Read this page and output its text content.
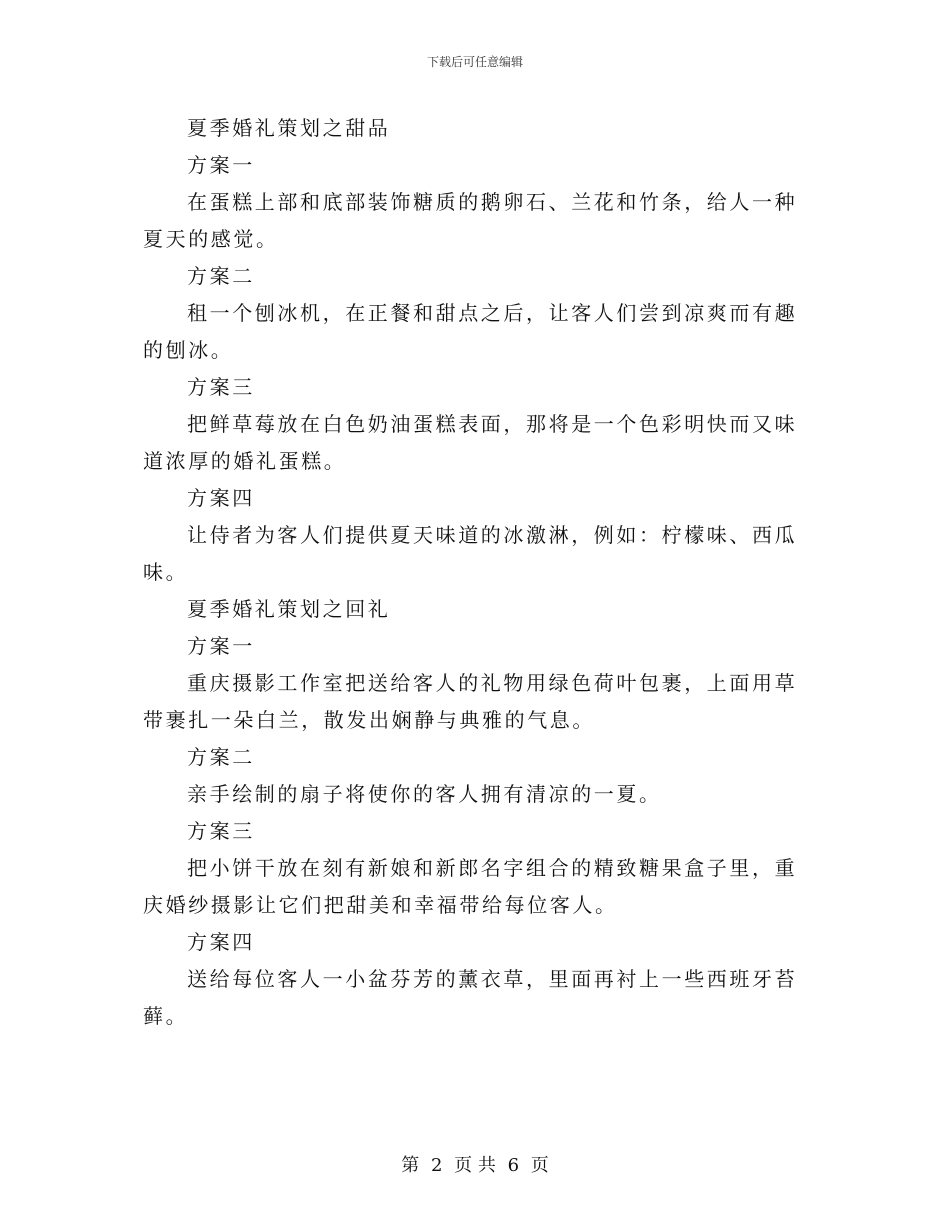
下载后可任意编辑

夏季婚礼策划之甜品

方案一

在蛋糕上部和底部装饰糖质的鹅卵石、兰花和竹条，给人一种夏天的感觉。

方案二

租一个刨冰机，在正餐和甜点之后，让客人们尝到凉爽而有趣的刨冰。

方案三

把鲜草莓放在白色奶油蛋糕表面，那将是一个色彩明快而又味道浓厚的婚礼蛋糕。

方案四

让侍者为客人们提供夏天味道的冰激淋，例如：柠檬味、西瓜味。

夏季婚礼策划之回礼

方案一

重庆摄影工作室把送给客人的礼物用绿色荷叶包裹，上面用草带裹扎一朵白兰，散发出娴静与典雅的气息。

方案二

亲手绘制的扇子将使你的客人拥有清凉的一夏。

方案三

把小饼干放在刻有新娘和新郎名字组合的精致糖果盒子里，重庆婚纱摄影让它们把甜美和幸福带给每位客人。

方案四

送给每位客人一小盆芬芳的薰衣草，里面再衬上一些西班牙苔藓。

第 2 页 共 6 页
